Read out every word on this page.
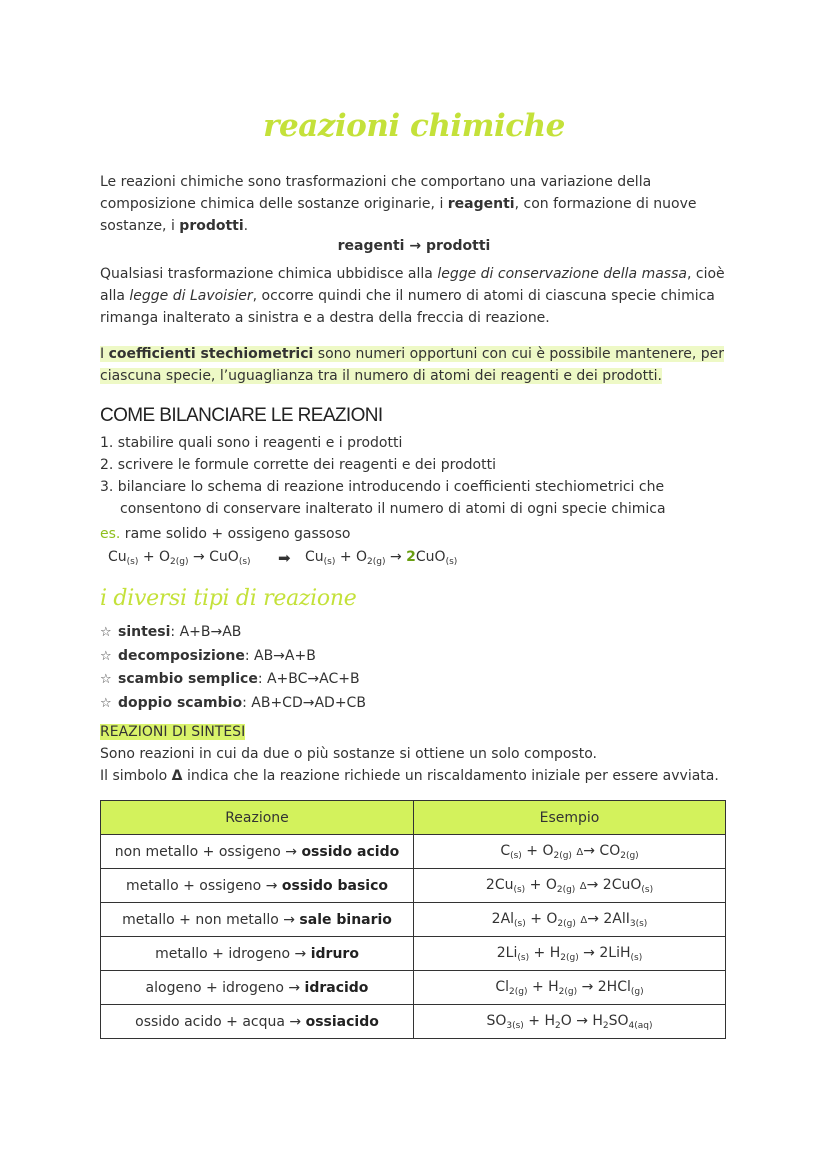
reazioni chimiche
Le reazioni chimiche sono trasformazioni che comportano una variazione della composizione chimica delle sostanze originarie, i reagenti, con formazione di nuove sostanze, i prodotti.
reagenti → prodotti
Qualsiasi trasformazione chimica ubbidisce alla legge di conservazione della massa, cioè alla legge di Lavoisier, occorre quindi che il numero di atomi di ciascuna specie chimica rimanga inalterato a sinistra e a destra della freccia di reazione.
I coefficienti stechiometrici sono numeri opportuni con cui è possibile mantenere, per ciascuna specie, l’uguaglianza tra il numero di atomi dei reagenti e dei prodotti.
COME BILANCIARE LE REAZIONI
1. stabilire quali sono i reagenti e i prodotti
2. scrivere le formule corrette dei reagenti e dei prodotti
3. bilanciare lo schema di reazione introducendo i coefficienti stechiometrici che
consentono di conservare inalterato il numero di atomi di ogni specie chimica
es. rame solido + ossigeno gassoso
$Cu_{(s)} + O_{2(g)} \to CuO_{(s)}$ ➡ $Cu_{(s)} + O_{2(g)} \to 2CuO_{(s)}$
i diversi tipi di reazione
☆ sintesi: A+B→AB
☆ decomposizione: AB→A+B
☆ scambio semplice: A+BC→AC+B
☆ doppio scambio: AB+CD→AD+CB
REAZIONI DI SINTESI
Sono reazioni in cui da due o più sostanze si ottiene un solo composto.
Il simbolo Δ indica che la reazione richiede un riscaldamento iniziale per essere avviata.
Reazione	Esempio
non metallo + ossigeno → ossido acido	$C_{(s)} + O_{2(g)}$ $\Delta\to CO_{2(g)}$
metallo + ossigeno → ossido basico	$2Cu_{(s)} + O_{2(g)}$ Δ→ 2CuO$_{(s)}$
metallo + non metallo → sale binario	$2Al_{(s)} + O_{2(g)}$ Δ→ 2AlI$_{3(s)}$
metallo + idrogeno → idruro	$2Li_{(s)} + H_{2(g)} \to 2LiH_{(s)}$
alogeno + idrogeno → idracido	$Cl_{2(g)} + H_{2(g)} \to 2HCl_{(g)}$
ossido acido + acqua → ossiacido	$SO_{3(s)} + H_2O \to H_2SO_{4(aq)}$
